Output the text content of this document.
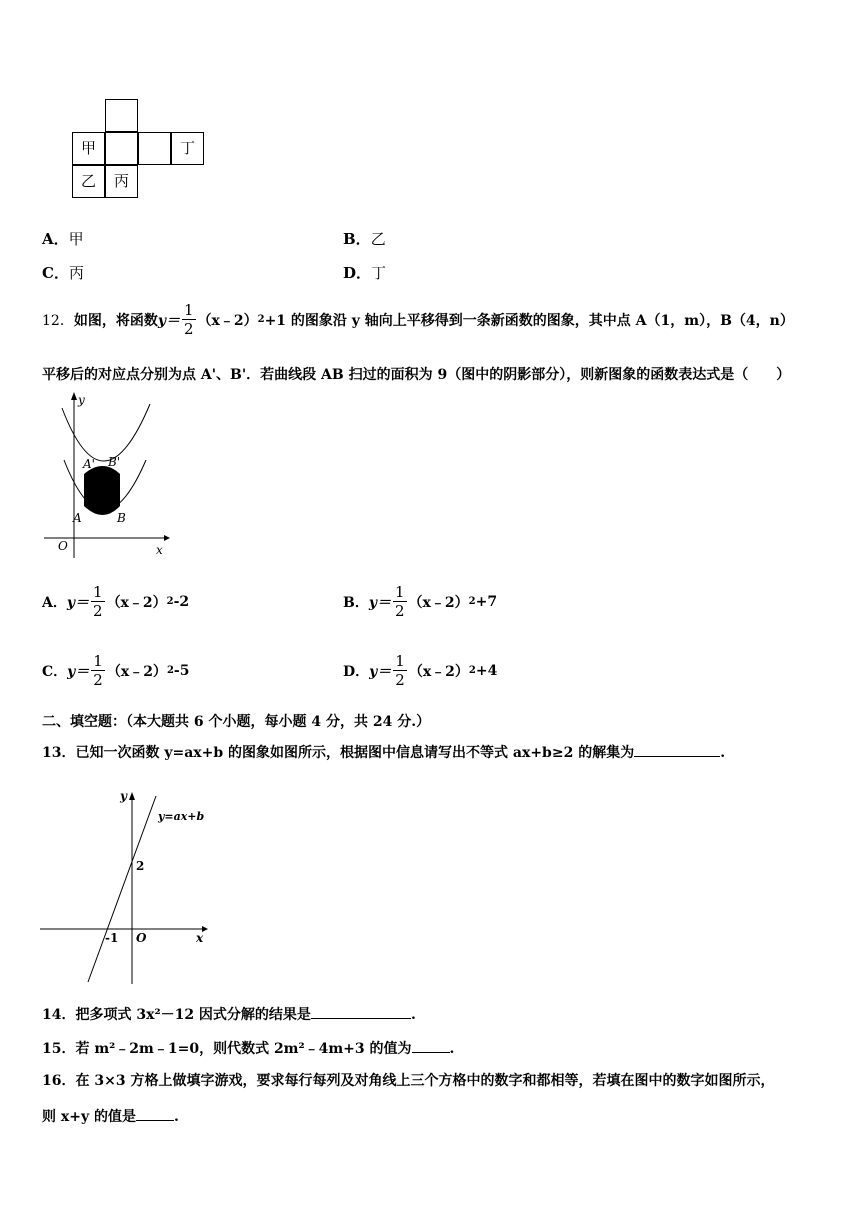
甲	丁
乙	丙
A．甲	B．乙
C．丙	D．丁
12． 如图，将函数 $y= \frac{1}{2}$ （x﹣2） 2 +1 的图象沿 y 轴向上平移得到一条新函数的图象，其中点 A（1，m），B（4，n）
平移后的对应点分别为点 A'、B'．若曲线段 AB 扫过的面积为 9（图中的阴影部分），则新图象的函数表达式是（　　）
y
x
O
A	B
A' B'
A． $y= \frac{1}{2}$ （x﹣2） 2 -2	B． $y= \frac{1}{2}$ （x﹣2） 2 +7
C． $y= \frac{1}{2}$ （x﹣2） 2 -5	D． $y= \frac{1}{2}$ （x﹣2） 2 +4
二、填空题：（本大题共 6 个小题，每小题 4 分，共 24 分.）
13．已知一次函数 y=ax+b 的图象如图所示，根据图中信息请写出不等式 ax+b≥2 的解集为	.
y
x
O
y=ax+b
2
-1
14．把多项式 3x²－12 因式分解的结果是	.
15．若 m²﹣2m﹣1=0，则代数式 2m²﹣4m+3 的值为	.
16．在 3×3 方格上做填字游戏，要求每行每列及对角线上三个方格中的数字和都相等，若填在图中的数字如图所示，
则 x+y 的值是	.
